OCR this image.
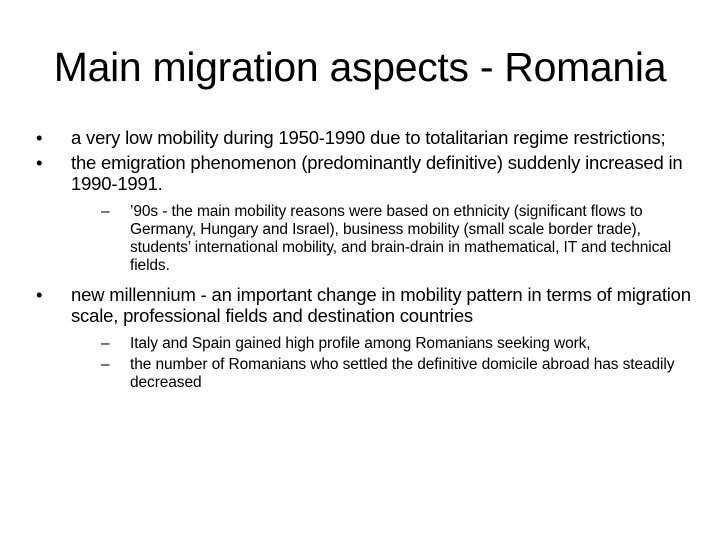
Main migration aspects - Romania
•	a very low mobility during 1950-1990 due to totalitarian regime restrictions;
•	the emigration phenomenon (predominantly definitive) suddenly increased in 1990-1991.
– ’90s - the main mobility reasons were based on ethnicity (significant flows to Germany, Hungary and Israel), business mobility (small scale border trade), students’ international mobility, and brain-drain in mathematical, IT and technical fields.
•	new millennium - an important change in mobility pattern in terms of migration scale, professional fields and destination countries
– Italy and Spain gained high profile among Romanians seeking work,
– the number of Romanians who settled the definitive domicile abroad has steadily decreased
